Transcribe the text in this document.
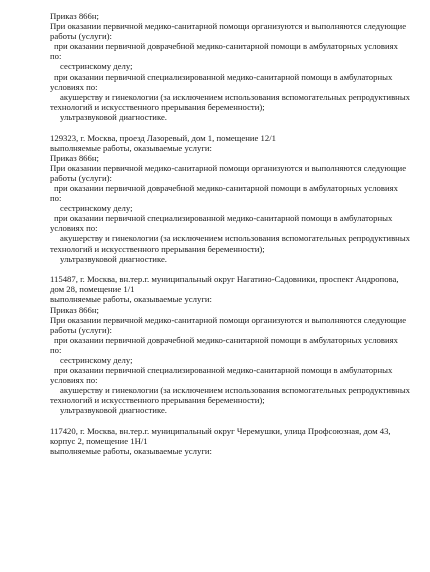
Приказ 866н;
При оказании первичной медико-санитарной помощи организуются и выполняются следующие
работы (услуги):
при оказании первичной доврачебной медико-санитарной помощи в амбулаторных условиях
по:
сестринскому делу;
при оказании первичной специализированной медико-санитарной помощи в амбулаторных
условиях по:
акушерству и гинекологии (за исключением использования вспомогательных репродуктивных
технологий и искусственного прерывания беременности);
ультразвуковой диагностике.
129323, г. Москва, проезд Лазоревый, дом 1, помещение 12/1
выполняемые работы, оказываемые услуги:
Приказ 866н;
При оказании первичной медико-санитарной помощи организуются и выполняются следующие
работы (услуги):
при оказании первичной доврачебной медико-санитарной помощи в амбулаторных условиях
по:
сестринскому делу;
при оказании первичной специализированной медико-санитарной помощи в амбулаторных
условиях по:
акушерству и гинекологии (за исключением использования вспомогательных репродуктивных
технологий и искусственного прерывания беременности);
ультразвуковой диагностике.
115487, г. Москва, вн.тер.г. муниципальный округ Нагатино-Садовники, проспект Андропова,
дом 28, помещение 1/1
выполняемые работы, оказываемые услуги:
Приказ 866н;
При оказании первичной медико-санитарной помощи организуются и выполняются следующие
работы (услуги):
при оказании первичной доврачебной медико-санитарной помощи в амбулаторных условиях
по:
сестринскому делу;
при оказании первичной специализированной медико-санитарной помощи в амбулаторных
условиях по:
акушерству и гинекологии (за исключением использования вспомогательных репродуктивных
технологий и искусственного прерывания беременности);
ультразвуковой диагностике.
117420, г. Москва, вн.тер.г. муниципальный округ Черемушки, улица Профсоюзная, дом 43,
корпус 2, помещение 1Н/1
выполняемые работы, оказываемые услуги:
